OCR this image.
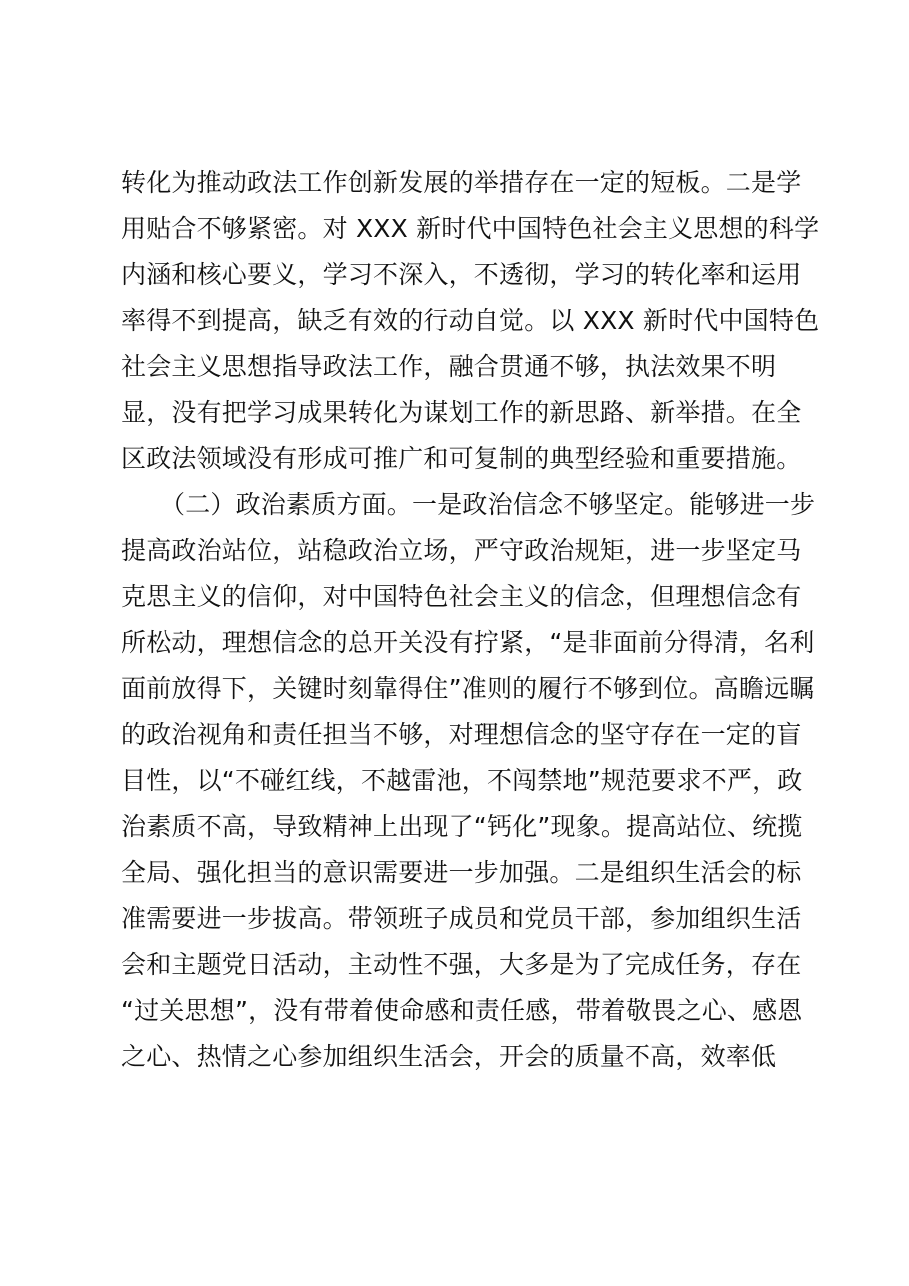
转化为推动政法工作创新发展的举措存在一定的短板。二是学
用贴合不够紧密。对 XXX 新时代中国特色社会主义思想的科学
内涵和核心要义，学习不深入，不透彻，学习的转化率和运用
率得不到提高，缺乏有效的行动自觉。以 XXX 新时代中国特色
社会主义思想指导政法工作，融合贯通不够，执法效果不明
显，没有把学习成果转化为谋划工作的新思路、新举措。在全
区政法领域没有形成可推广和可复制的典型经验和重要措施。
（二）政治素质方面。一是政治信念不够坚定。能够进一步
提高政治站位，站稳政治立场，严守政治规矩，进一步坚定马
克思主义的信仰，对中国特色社会主义的信念，但理想信念有
所松动，理想信念的总开关没有拧紧，“是非面前分得清，名利
面前放得下，关键时刻靠得住”准则的履行不够到位。高瞻远瞩
的政治视角和责任担当不够，对理想信念的坚守存在一定的盲
目性，以“不碰红线，不越雷池，不闯禁地”规范要求不严，政
治素质不高，导致精神上出现了“钙化”现象。提高站位、统揽
全局、强化担当的意识需要进一步加强。二是组织生活会的标
准需要进一步拔高。带领班子成员和党员干部，参加组织生活
会和主题党日活动，主动性不强，大多是为了完成任务，存在
“过关思想”，没有带着使命感和责任感，带着敬畏之心、感恩
之心、热情之心参加组织生活会，开会的质量不高，效率低
